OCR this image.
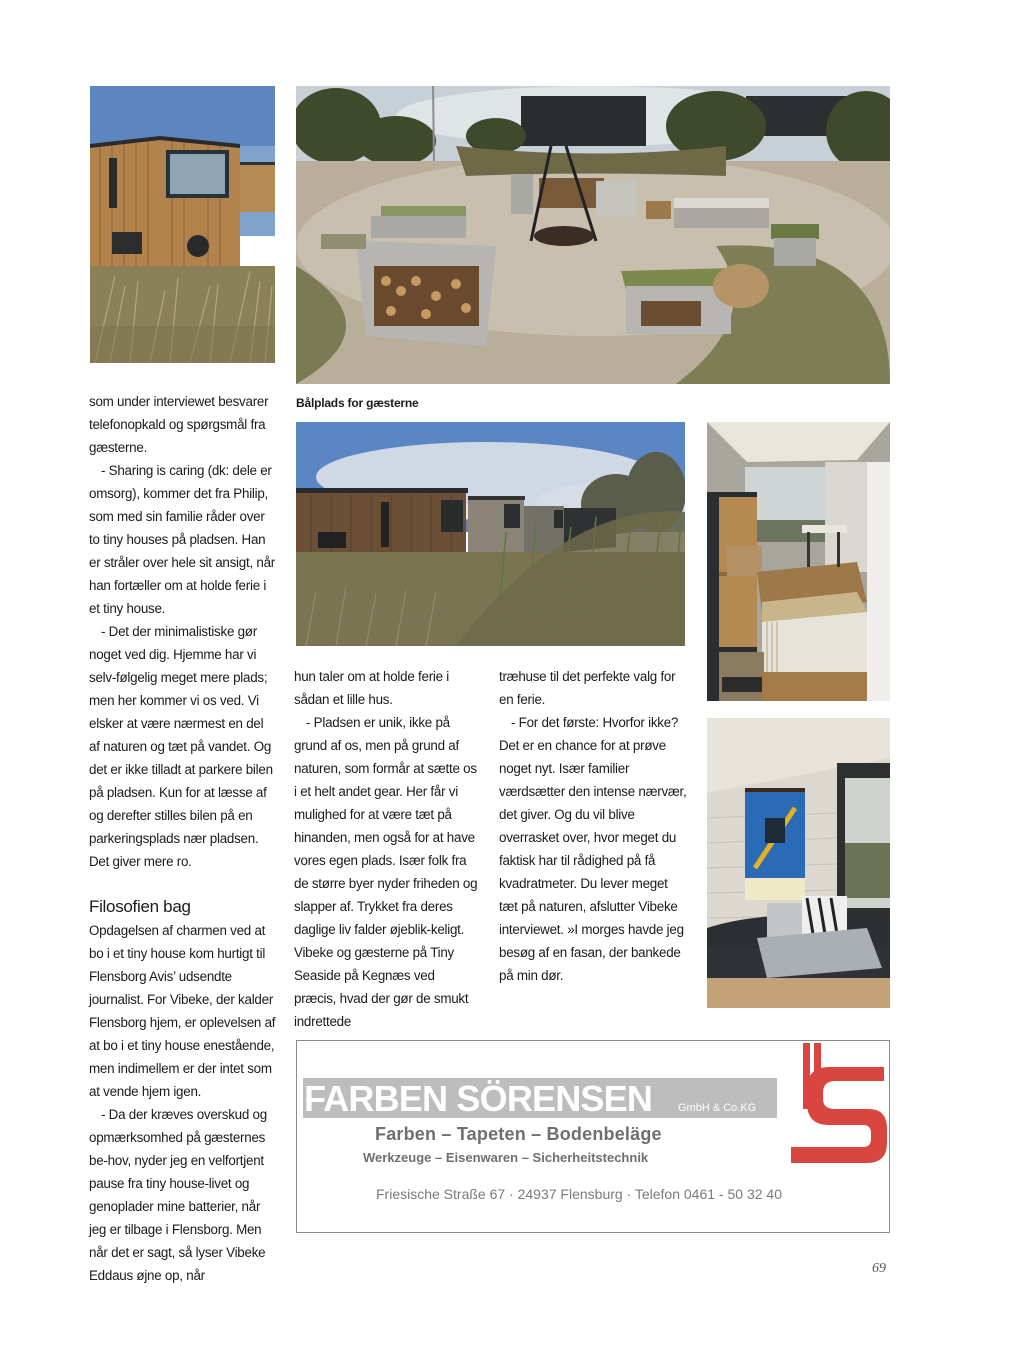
Bålplads for gæsterne

som under interviewet besvarer telefonopkald og spørgsmål fra gæsterne.

- Sharing is caring (dk: dele er omsorg), kommer det fra Philip, som med sin familie råder over to tiny houses på pladsen. Han er stråler over hele sit ansigt, når han fortæller om at holde ferie i et tiny house.

- Det der minimalistiske gør noget ved dig. Hjemme har vi selv-følgelig meget mere plads; men her kommer vi os ved. Vi elsker at være nærmest en del af naturen og tæt på vandet. Og det er ikke tilladt at parkere bilen på pladsen. Kun for at læsse af og derefter stilles bilen på en parkeringsplads nær pladsen. Det giver mere ro.

Filosofien bag

Opdagelsen af charmen ved at bo i et tiny house kom hurtigt til Flensborg Avis’ udsendte journalist. For Vibeke, der kalder Flensborg hjem, er oplevelsen af at bo i et tiny house enestående, men indimellem er der intet som at vende hjem igen.

- Da der kræves overskud og opmærksomhed på gæsternes be-hov, nyder jeg en velfortjent pause fra tiny house-livet og genoplader mine batterier, når jeg er tilbage i Flensborg. Men når det er sagt, så lyser Vibeke Eddaus øjne op, når

hun taler om at holde ferie i sådan et lille hus.

- Pladsen er unik, ikke på grund af os, men på grund af naturen, som formår at sætte os i et helt andet gear. Her får vi mulighed for at være tæt på hinanden, men også for at have vores egen plads. Især folk fra de større byer nyder friheden og slapper af. Trykket fra deres daglige liv falder øjeblik-keligt.

Vibeke og gæsterne på Tiny Seaside på Kegnæs ved præcis, hvad der gør de smukt indrettede

træhuse til det perfekte valg for en ferie.

- For det første: Hvorfor ikke? Det er en chance for at prøve noget nyt. Især familier værdsætter den intense nærvær, det giver. Og du vil blive overrasket over, hvor meget du faktisk har til rådighed på få kvadratmeter. Du lever meget tæt på naturen, afslutter Vibeke interviewet. »I morges havde jeg besøg af en fasan, der bankede på min dør.

FARBEN SÖRENSEN GmbH & Co.KG
Farben – Tapeten – Bodenbeläge
Werkzeuge – Eisenwaren – Sicherheitstechnik
Friesische Straße 67 · 24937 Flensburg · Telefon 0461 - 50 32 40
69
